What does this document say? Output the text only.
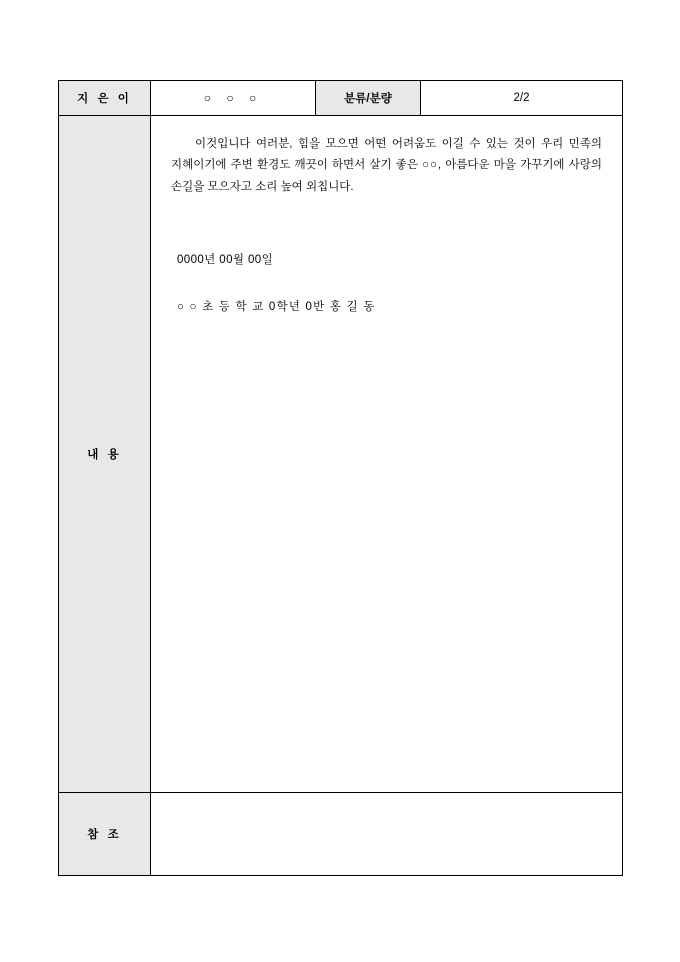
지 은 이	○ ○ ○	분류/분량	2/2
내 용	이것입니다 여러분, 힘을 모으면 어떤 어려움도 이길 수 있는 것이 우리 민족의 지혜이기에 주변 환경도 깨끗이 하면서 살기 좋은 ○○, 아름다운 마을 가꾸기에 사랑의 손길을 모으자고 소리 높여 외칩니다.

0000년 00월 00일

○ ○ 초 등 학 교 0학년 0반 홍 길 동		

참 조			
